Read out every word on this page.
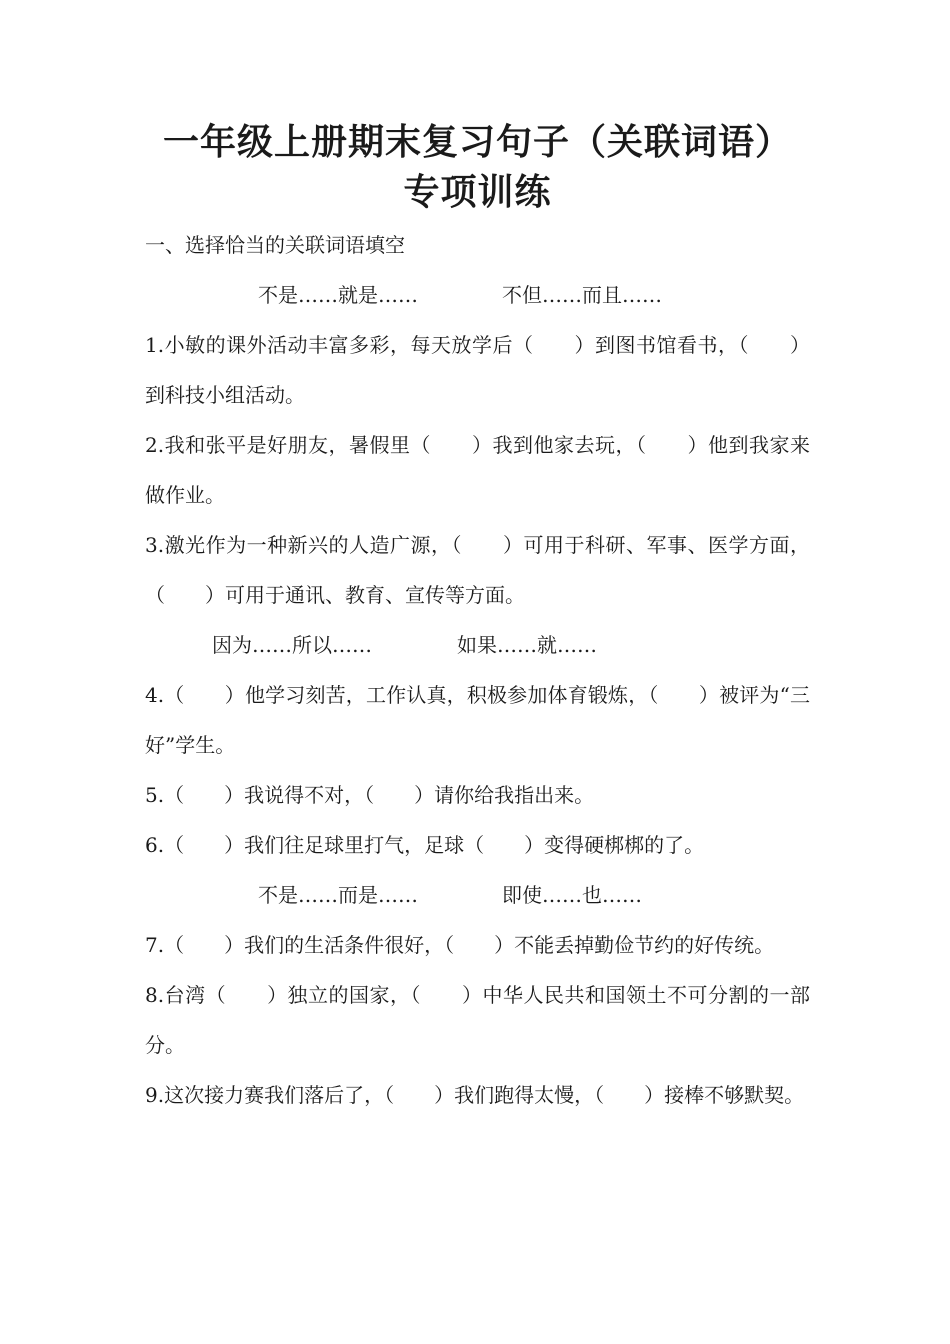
一年级上册期末复习句子（关联词语）
专项训练
一、选择恰当的关联词语填空
不是……就是……	不但……而且……
1.小敏的课外活动丰富多彩，每天放学后（　　）到图书馆看书，（　　）到科技小组活动。
2.我和张平是好朋友，暑假里（　　）我到他家去玩，（　　）他到我家来做作业。
3.激光作为一种新兴的人造广源，（　　）可用于科研、军事、医学方面，（　　）可用于通讯、教育、宣传等方面。
因为……所以……	如果……就……
4.（　　）他学习刻苦，工作认真，积极参加体育锻炼，（　　）被评为“三好”学生。
5.（　　）我说得不对，（　　）请你给我指出来。
6.（　　）我们往足球里打气，足球（　　）变得硬梆梆的了。
不是……而是……	即使……也……
7.（　　）我们的生活条件很好，（　　）不能丢掉勤俭节约的好传统。
8.台湾（　　）独立的国家，（　　）中华人民共和国领土不可分割的一部分。
9.这次接力赛我们落后了，（　　）我们跑得太慢，（　　）接棒不够默契。
